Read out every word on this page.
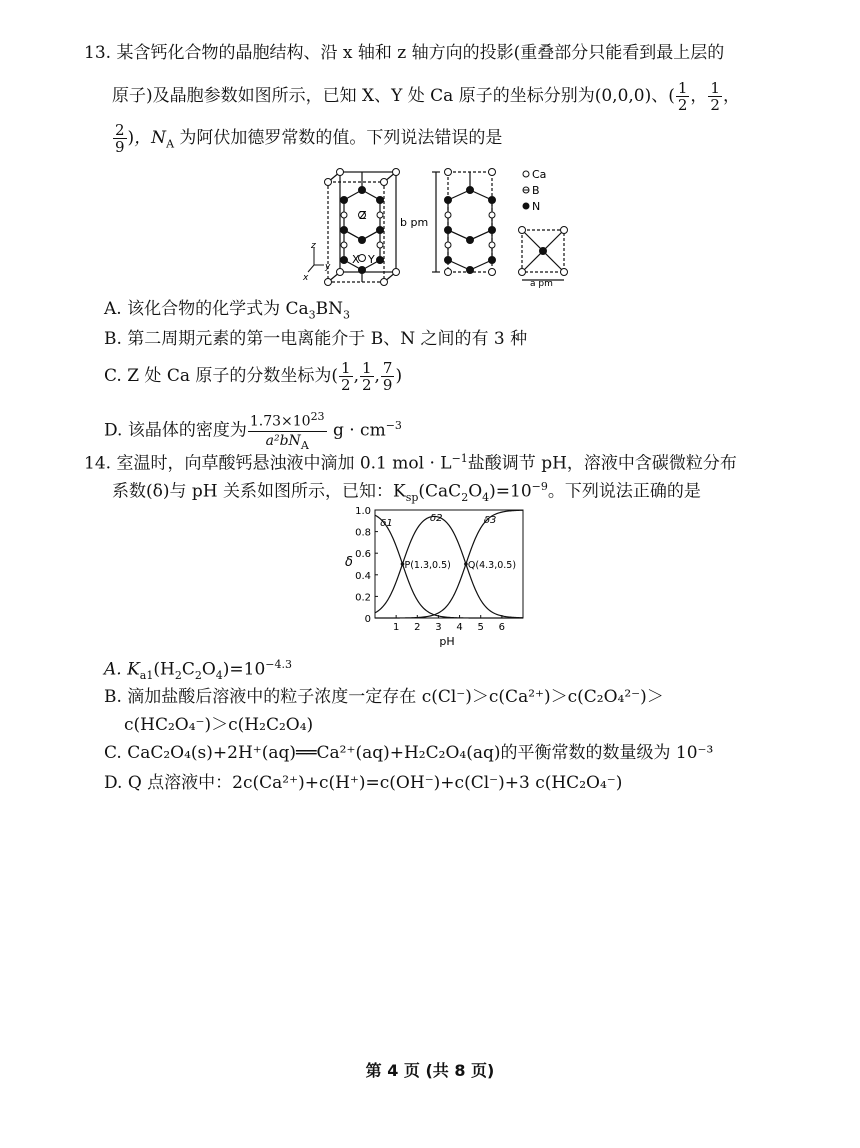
13. 某含钙化合物的晶胞结构、沿 x 轴和 z 轴方向的投影(重叠部分只能看到最上层的
原子)及晶胞参数如图所示，已知 X、Y 处 Ca 原子的坐标分别为(0,0,0)、( $\frac{1}{2}$ ， $\frac{1}{2}$ ，
$\frac{2}{9}$ )，$N_A$ 为阿伏加德罗常数的值。下列说法错误的是
Z
X Y
z
y
x
b pm
Ca
B
N
a pm
A. 该化合物的化学式为 $Ca_3BN_3$
B. 第二周期元素的第一电离能介于 B、N 之间的有 3 种
C. Z 处 Ca 原子的分数坐标为( $\frac{1}{2}$ , $\frac{1}{2}$ , $\frac{7}{9}$ )
D. 该晶体的密度为 $\frac{1.73\times 10^{23}}{a^2bN_A}$ $g \cdot cm^{-3}$
14. 室温时，向草酸钙悬浊液中滴加 0.1 mol · $L^{-1}$盐酸调节 pH，溶液中含碳微粒分布
系数(δ)与 pH 关系如图所示，已知：$K_{sp}(CaC_2O_4)=10^{-9}$。下列说法正确的是
0
0.2
0.4
0.6
0.8
1.0
1 2 3 4 5 6
δ1	δ2	δ3
P(1.3,0.5) Q(4.3,0.5)
δ
pH
A. $K_{a1}(H_2C_2O_4)=10^{-4.3}$
B. 滴加盐酸后溶液中的粒子浓度一定存在 c(Cl⁻)＞c(Ca²⁺)＞c(C₂O₄²⁻)＞
c(HC₂O₄⁻)＞c(H₂C₂O₄)
C. CaC₂O₄(s)+2H⁺(aq)══Ca²⁺(aq)+H₂C₂O₄(aq)的平衡常数的数量级为 10⁻³
D. Q 点溶液中：2c(Ca²⁺)+c(H⁺)=c(OH⁻)+c(Cl⁻)+3 c(HC₂O₄⁻)
第 4 页 (共 8 页)
